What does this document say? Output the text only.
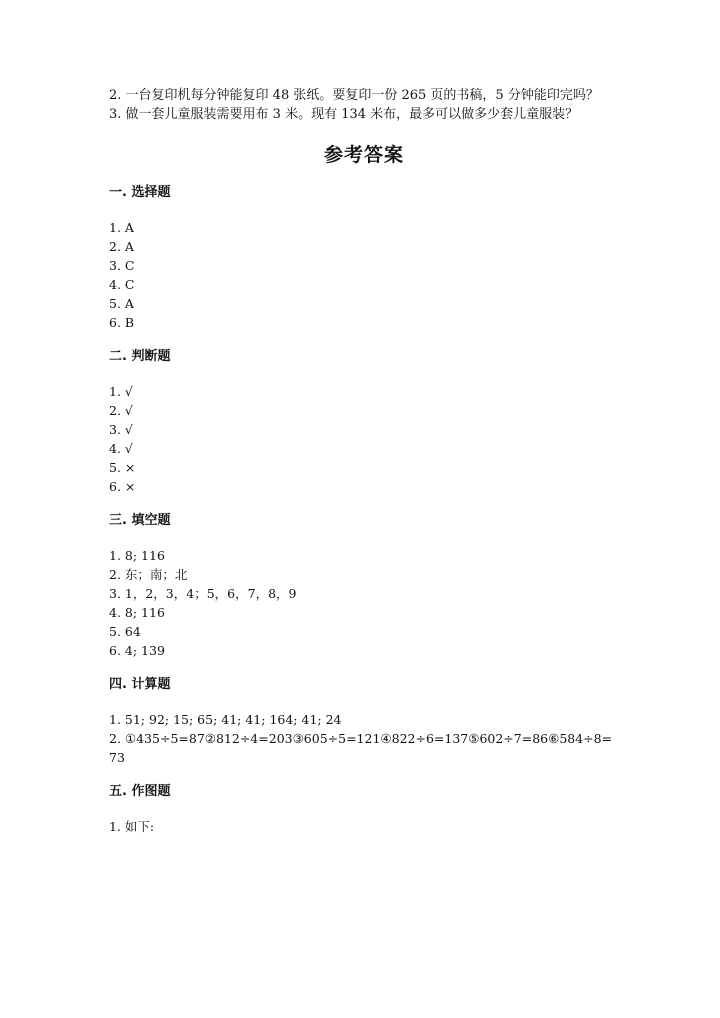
2. 一台复印机每分钟能复印 48 张纸。要复印一份 265 页的书稿，5 分钟能印完吗？

3. 做一套儿童服装需要用布 3 米。现有 134 米布，最多可以做多少套儿童服装？

参考答案
一. 选择题
1. A
2. A
3. C
4. C
5. A
6. B
二. 判断题
1. √
2. √
3. √
4. √
5. ×
6. ×
三. 填空题
1. 8; 116
2. 东；南；北
3. 1，2，3，4；5，6，7，8，9
4. 8; 116
5. 64
6. 4; 139
四. 计算题
1. 51; 92; 15; 65; 41; 41; 164; 41; 24
2. ①435÷5=87②812÷4=203③605÷5=121④822÷6=137⑤602÷7=86⑥584÷8=73
五. 作图题
1. 如下:
